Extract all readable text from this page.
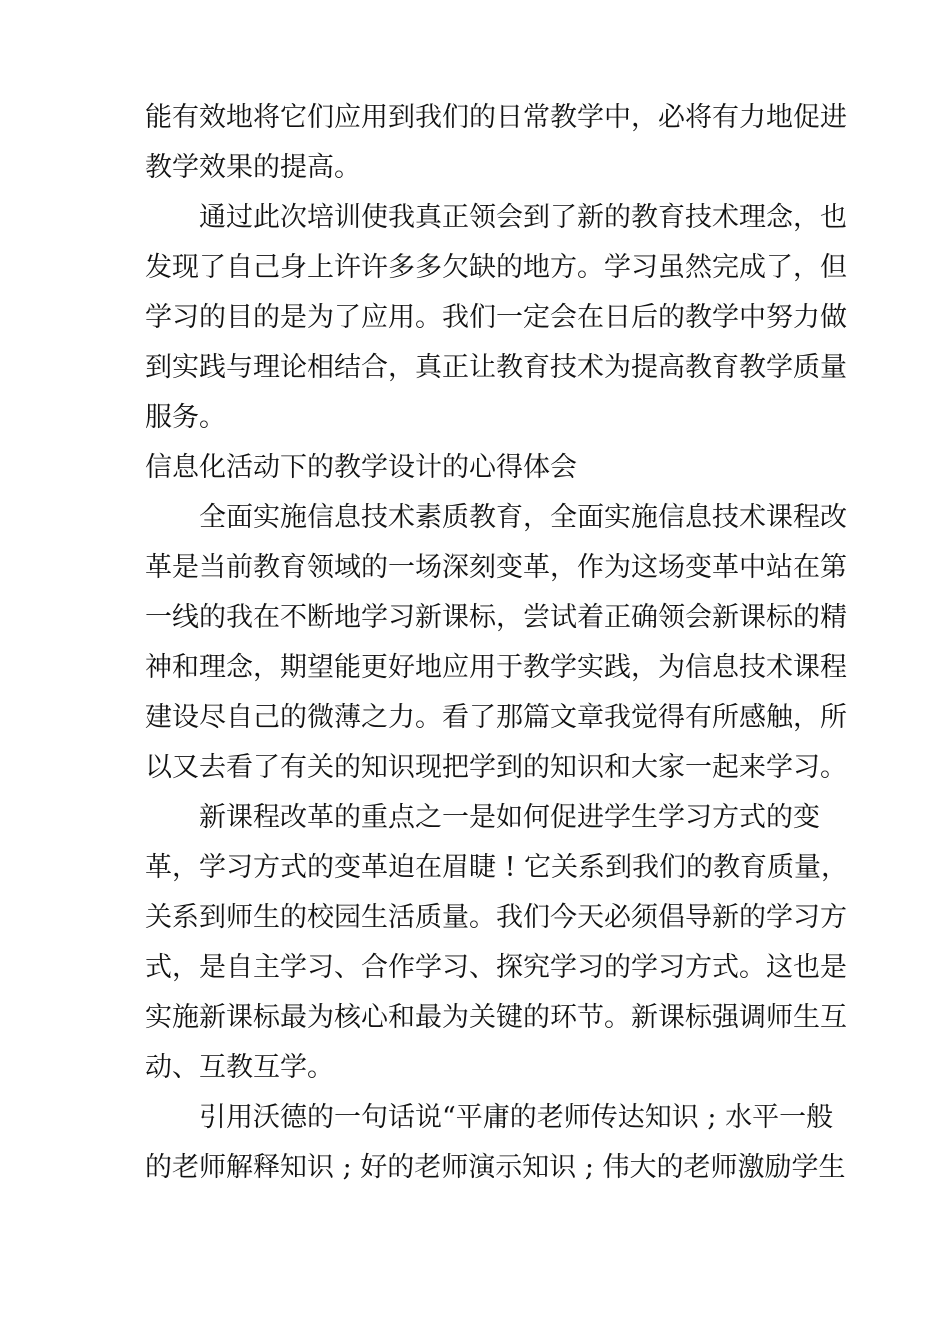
能有效地将它们应用到我们的日常教学中，必将有力地促进
教学效果的提高。
通过此次培训使我真正领会到了新的教育技术理念，也
发现了自己身上许许多多欠缺的地方。学习虽然完成了，但
学习的目的是为了应用。我们一定会在日后的教学中努力做
到实践与理论相结合，真正让教育技术为提高教育教学质量
服务。
信息化活动下的教学设计的心得体会
全面实施信息技术素质教育，全面实施信息技术课程改
革是当前教育领域的一场深刻变革，作为这场变革中站在第
一线的我在不断地学习新课标，尝试着正确领会新课标的精
神和理念，期望能更好地应用于教学实践，为信息技术课程
建设尽自己的微薄之力。看了那篇文章我觉得有所感触，所
以又去看了有关的知识现把学到的知识和大家一起来学习。
新课程改革的重点之一是如何促进学生学习方式的变
革，学习方式的变革迫在眉睫 ! 它关系到我们的教育质量，
关系到师生的校园生活质量。我们今天必须倡导新的学习方
式，是自主学习、合作学习、探究学习的学习方式。这也是
实施新课标最为核心和最为关键的环节。新课标强调师生互
动、互教互学。
引用沃德的一句话说“平庸的老师传达知识 ; 水平一般
的老师解释知识 ; 好的老师演示知识 ; 伟大的老师激励学生
